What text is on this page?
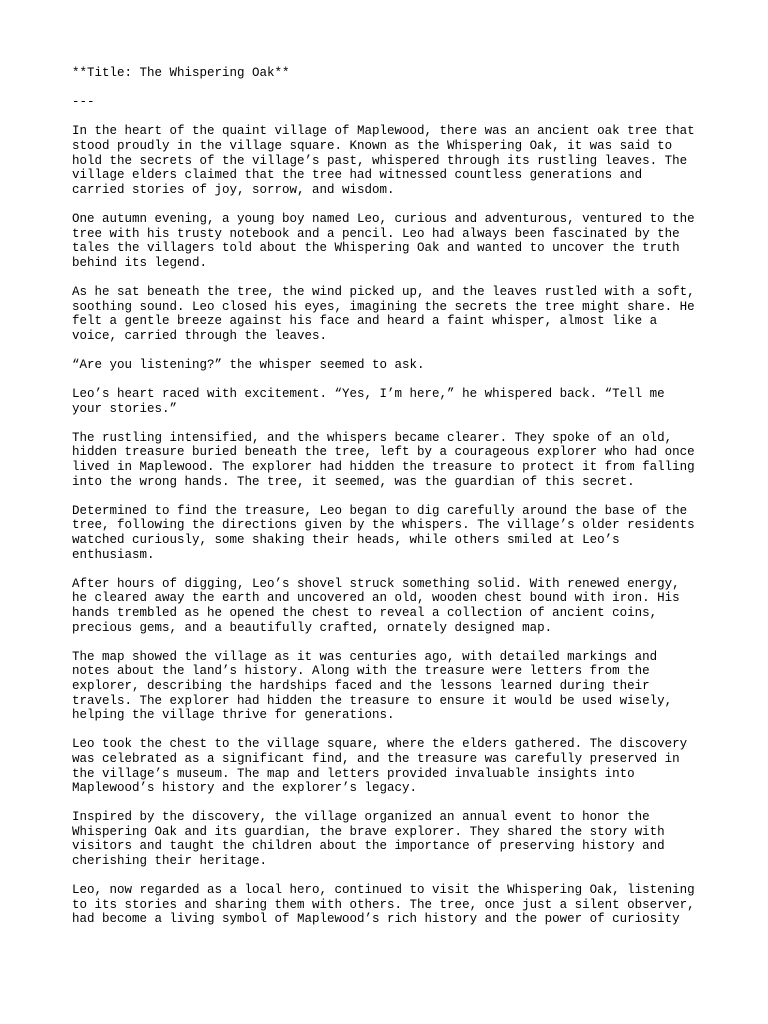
**Title: The Whispering Oak**
---
In the heart of the quaint village of Maplewood, there was an ancient oak tree that
stood proudly in the village square. Known as the Whispering Oak, it was said to
hold the secrets of the village’s past, whispered through its rustling leaves. The
village elders claimed that the tree had witnessed countless generations and
carried stories of joy, sorrow, and wisdom.
One autumn evening, a young boy named Leo, curious and adventurous, ventured to the
tree with his trusty notebook and a pencil. Leo had always been fascinated by the
tales the villagers told about the Whispering Oak and wanted to uncover the truth
behind its legend.
As he sat beneath the tree, the wind picked up, and the leaves rustled with a soft,
soothing sound. Leo closed his eyes, imagining the secrets the tree might share. He
felt a gentle breeze against his face and heard a faint whisper, almost like a
voice, carried through the leaves.
“Are you listening?” the whisper seemed to ask.
Leo’s heart raced with excitement. “Yes, I’m here,” he whispered back. “Tell me
your stories.”
The rustling intensified, and the whispers became clearer. They spoke of an old,
hidden treasure buried beneath the tree, left by a courageous explorer who had once
lived in Maplewood. The explorer had hidden the treasure to protect it from falling
into the wrong hands. The tree, it seemed, was the guardian of this secret.
Determined to find the treasure, Leo began to dig carefully around the base of the
tree, following the directions given by the whispers. The village’s older residents
watched curiously, some shaking their heads, while others smiled at Leo’s
enthusiasm.
After hours of digging, Leo’s shovel struck something solid. With renewed energy,
he cleared away the earth and uncovered an old, wooden chest bound with iron. His
hands trembled as he opened the chest to reveal a collection of ancient coins,
precious gems, and a beautifully crafted, ornately designed map.
The map showed the village as it was centuries ago, with detailed markings and
notes about the land’s history. Along with the treasure were letters from the
explorer, describing the hardships faced and the lessons learned during their
travels. The explorer had hidden the treasure to ensure it would be used wisely,
helping the village thrive for generations.
Leo took the chest to the village square, where the elders gathered. The discovery
was celebrated as a significant find, and the treasure was carefully preserved in
the village’s museum. The map and letters provided invaluable insights into
Maplewood’s history and the explorer’s legacy.
Inspired by the discovery, the village organized an annual event to honor the
Whispering Oak and its guardian, the brave explorer. They shared the story with
visitors and taught the children about the importance of preserving history and
cherishing their heritage.
Leo, now regarded as a local hero, continued to visit the Whispering Oak, listening
to its stories and sharing them with others. The tree, once just a silent observer,
had become a living symbol of Maplewood’s rich history and the power of curiosity
